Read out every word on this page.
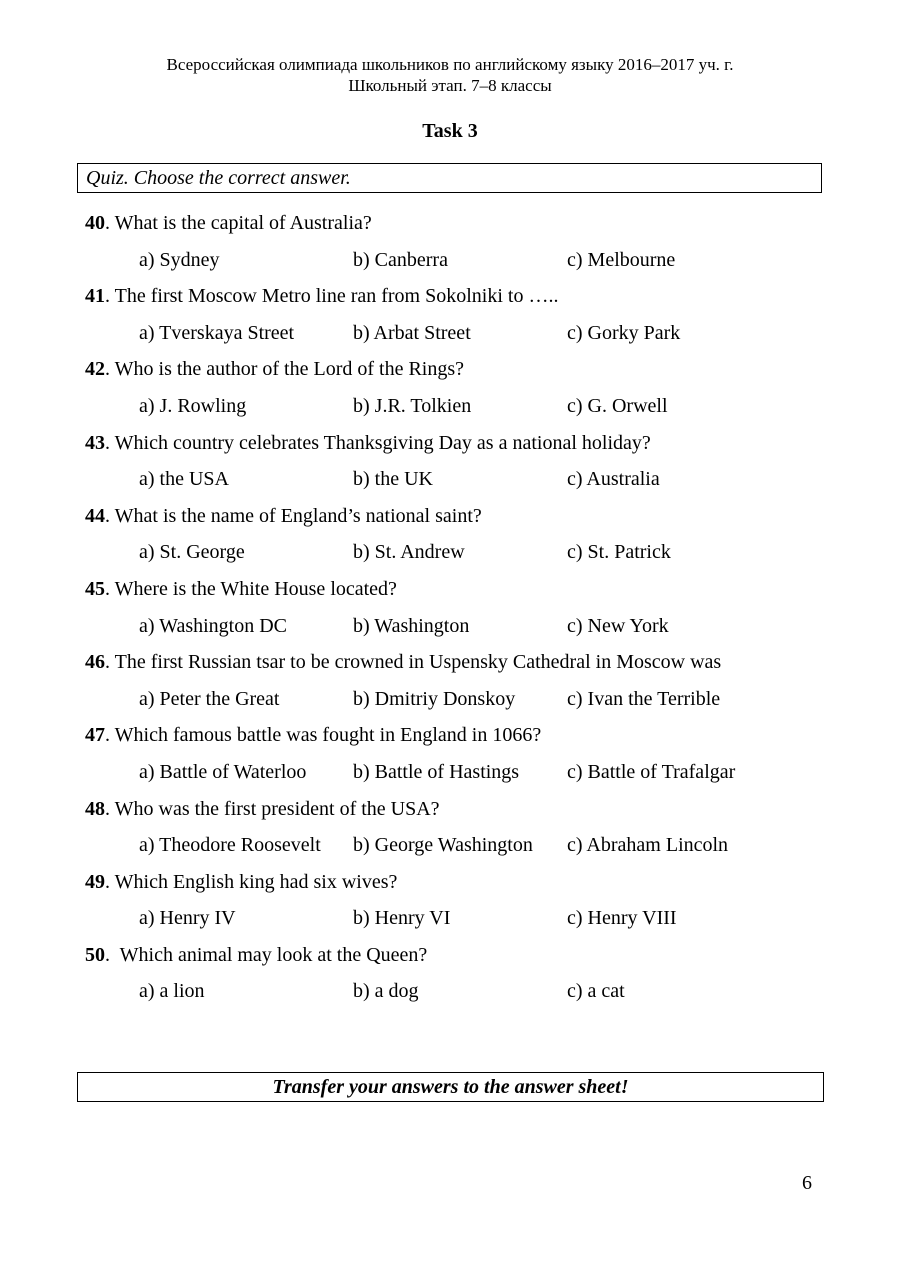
Всероссийская олимпиада школьников по английскому языку 2016–2017 уч. г.
Школьный этап. 7–8 классы
Task 3
Quiz. Choose the correct answer.
40. What is the capital of Australia?
a) Sydney	b) Canberra	c) Melbourne
41. The first Moscow Metro line ran from Sokolniki to …..
a) Tverskaya Street	b) Arbat Street	c) Gorky Park
42. Who is the author of the Lord of the Rings?
a) J. Rowling	b) J.R. Tolkien	c) G. Orwell
43. Which country celebrates Thanksgiving Day as a national holiday?
a) the USA	b) the UK	c) Australia
44. What is the name of England’s national saint?
a) St. George	b) St. Andrew	c) St. Patrick
45. Where is the White House located?
a) Washington DC	b) Washington	c) New York
46. The first Russian tsar to be crowned in Uspensky Cathedral in Moscow was
a) Peter the Great	b) Dmitriy Donskoy	c) Ivan the Terrible
47. Which famous battle was fought in England in 1066?
a) Battle of Waterloo	b) Battle of Hastings	c) Battle of Trafalgar
48. Who was the first president of the USA?
a) Theodore Roosevelt	b) George Washington	c) Abraham Lincoln
49. Which English king had six wives?
a) Henry IV	b) Henry VI	c) Henry VIII
50.  Which animal may look at the Queen?
a) a lion	b) a dog	c) a cat
Transfer your answers to the answer sheet!
6
